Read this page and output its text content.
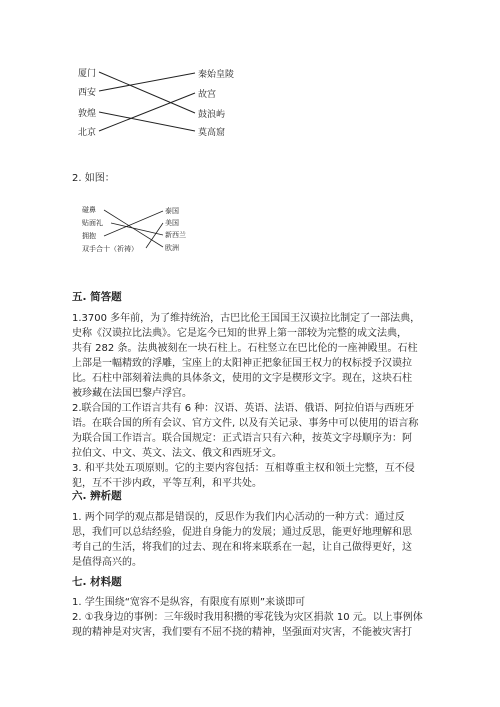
厦门
西安
敦煌
北京
秦始皇陵
故宫
鼓浪屿
莫高窟
2. 如图：
碰鼻
贴面礼
拥抱
双手合十（祈祷）
泰国
美国
新西兰
欧洲
五. 简答题
1.3700 多年前，为了维持统治，古巴比伦王国国王汉谟拉比制定了一部法典，
史称《汉谟拉比法典》。它是迄今已知的世界上第一部较为完整的成文法典，
共有 282 条。法典被刻在一块石柱上。石柱竖立在巴比伦的一座神殿里。石柱
上部是一幅精致的浮雕，宝座上的太阳神正把象征国王权力的权标授予汉谟拉
比。石柱中部刻着法典的具体条文，使用的文字是楔形文字。现在，这块石柱
被珍藏在法国巴黎卢浮宫。
2.联合国的工作语言共有 6 种：汉语、英语、法语、俄语、阿拉伯语与西班牙
语。在联合国的所有会议、官方文件, 以及有关记录、事务中可以使用的语言称
为联合国工作语言。联合国规定：正式语言只有六种，按英文字母顺序为：阿
拉伯文、中文、英文、法文、俄文和西班牙文。
3. 和平共处五项原则。它的主要内容包括：互相尊重主权和领土完整，互不侵
犯，互不干涉内政，平等互利，和平共处。
六. 辨析题
1. 两个同学的观点都是错误的，反思作为我们内心活动的一种方式：通过反
思，我们可以总结经验，促进自身能力的发展；通过反思，能更好地理解和思
考自己的生活，将我们的过去、现在和将来联系在一起，让自己做得更好，这
是值得高兴的。
七. 材料题
1. 学生围绕“宽容不是纵容，有限度有原则”来谈即可
2. ①我身边的事例：三年级时我用积攒的零花钱为灾区捐款 10 元。以上事例体
现的精神是对灾害，我们要有不屈不挠的精神，坚强面对灾害，不能被灾害打
